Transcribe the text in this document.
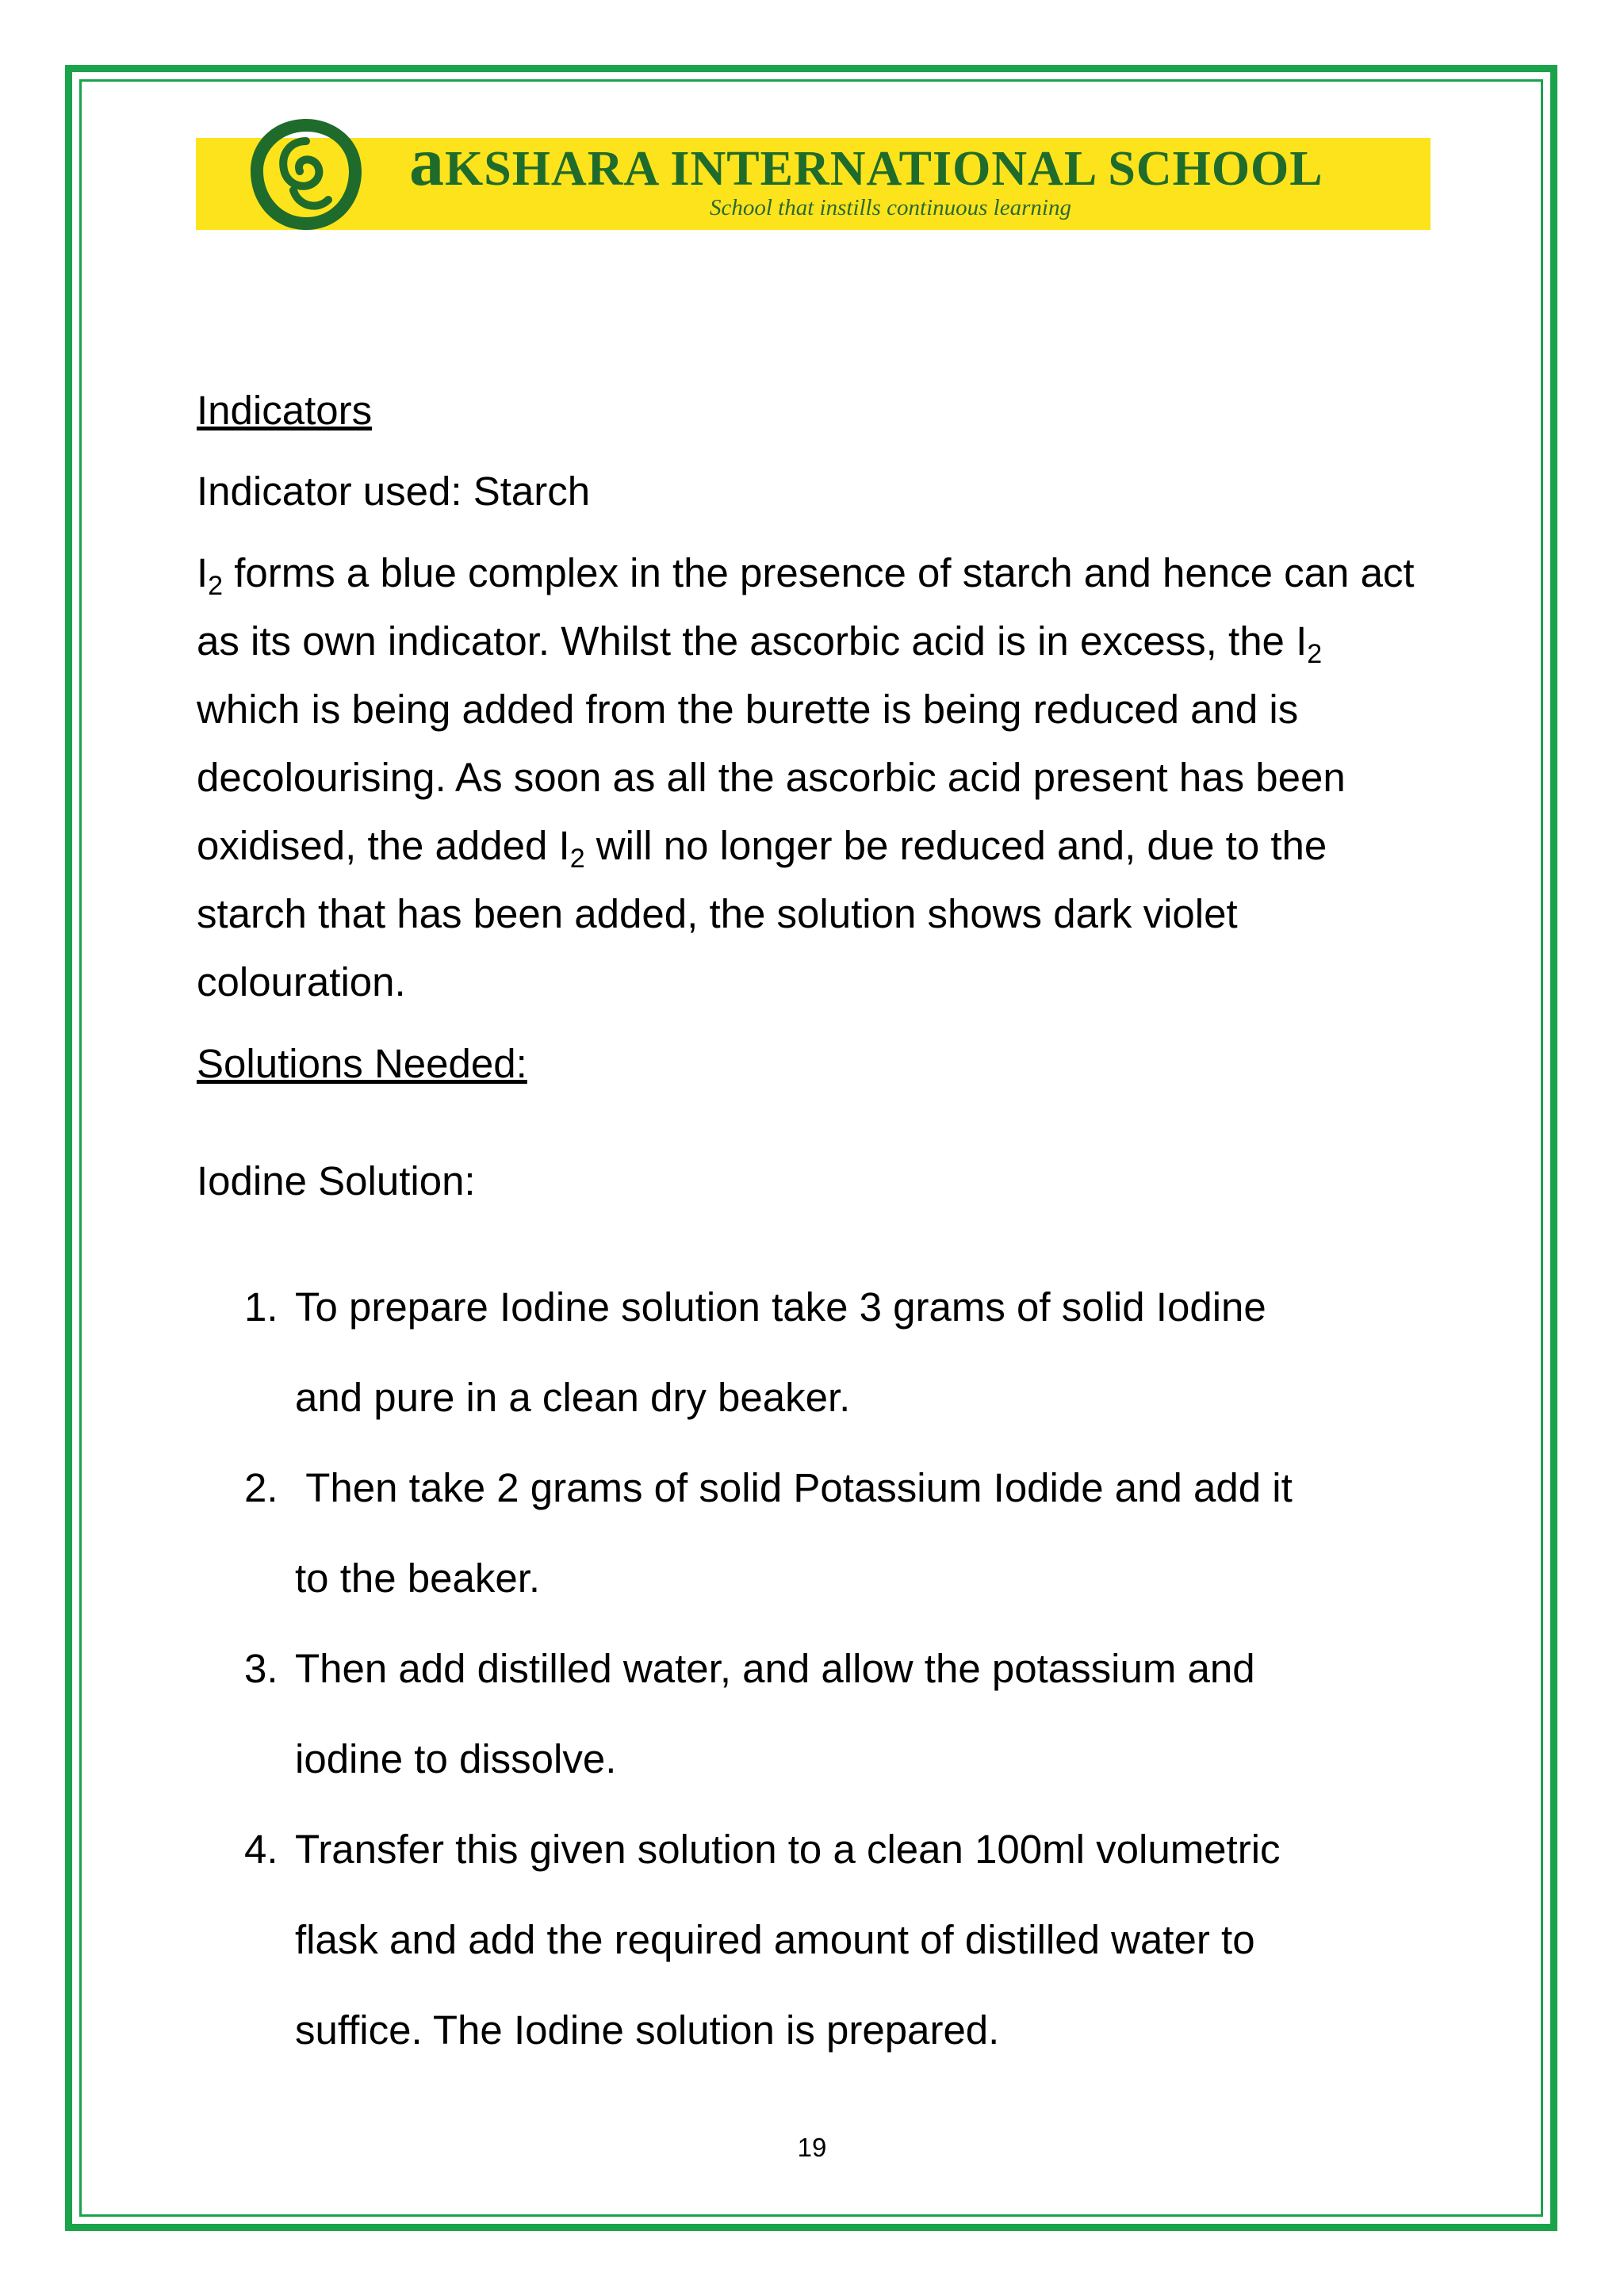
aKSHARA INTERNATIONAL SCHOOL
School that instills continuous learning

Indicators

Indicator used: Starch

$I_2$ forms a blue complex in the presence of starch and hence can act as its own indicator. Whilst the ascorbic acid is in excess, the $I_2$ which is being added from the burette is being reduced and is decolourising. As soon as all the ascorbic acid present has been oxidised, the added $I_2$ will no longer be reduced and, due to the starch that has been added, the solution shows dark violet colouration.

Solutions Needed:

Iodine Solution:

1. To prepare Iodine solution take 3 grams of solid Iodine
and pure in a clean dry beaker.
2. Then take 2 grams of solid Potassium Iodide and add it
to the beaker.
3. Then add distilled water, and allow the potassium and
iodine to dissolve.
4. Transfer this given solution to a clean 100ml volumetric
flask and add the required amount of distilled water to
suffice. The Iodine solution is prepared.
19
